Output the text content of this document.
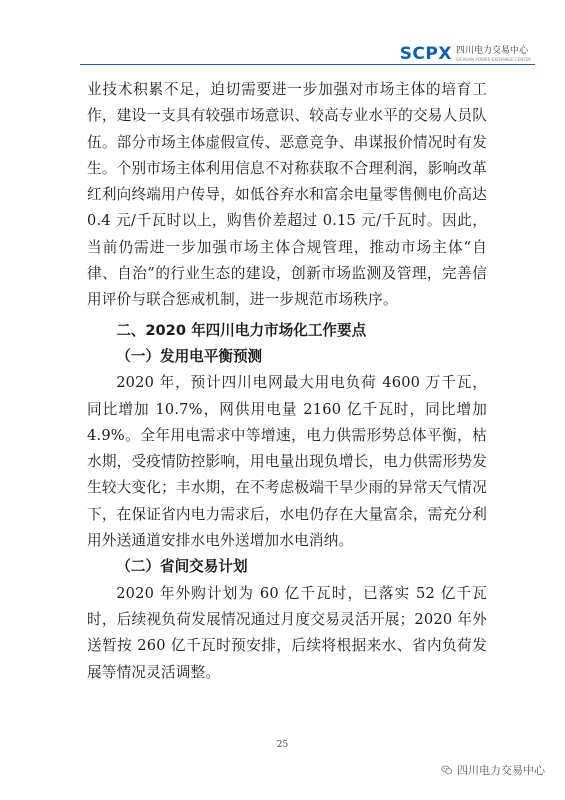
SCPX 四川电力交易中心
SICHUAN POWER EXCHANGE CENTER

业技术积累不足，迫切需要进一步加强对市场主体的培育工作，建设一支具有较强市场意识、较高专业水平的交易人员队伍。部分市场主体虚假宣传、恶意竞争、串谋报价情况时有发生。个别市场主体利用信息不对称获取不合理利润，影响改革红利向终端用户传导，如低谷弃水和富余电量零售侧电价高达 0.4 元/千瓦时以上，购售价差超过 0.15 元/千瓦时。因此，当前仍需进一步加强市场主体合规管理，推动市场主体“自律、自治”的行业生态的建设，创新市场监测及管理，完善信用评价与联合惩戒机制，进一步规范市场秩序。

二、2020 年四川电力市场化工作要点

（一）发用电平衡预测

2020 年，预计四川电网最大用电负荷 4600 万千瓦，同比增加 10.7%，网供用电量 2160 亿千瓦时，同比增加 4.9%。全年用电需求中等增速，电力供需形势总体平衡，枯水期，受疫情防控影响，用电量出现负增长，电力供需形势发生较大变化；丰水期，在不考虑极端干旱少雨的异常天气情况下，在保证省内电力需求后，水电仍存在大量富余，需充分利用外送通道安排水电外送增加水电消纳。

（二）省间交易计划

2020 年外购计划为 60 亿千瓦时，已落实 52 亿千瓦时，后续视负荷发展情况通过月度交易灵活开展；2020 年外送暂按 260 亿千瓦时预安排，后续将根据来水、省内负荷发展等情况灵活调整。

25
四川电力交易中心
